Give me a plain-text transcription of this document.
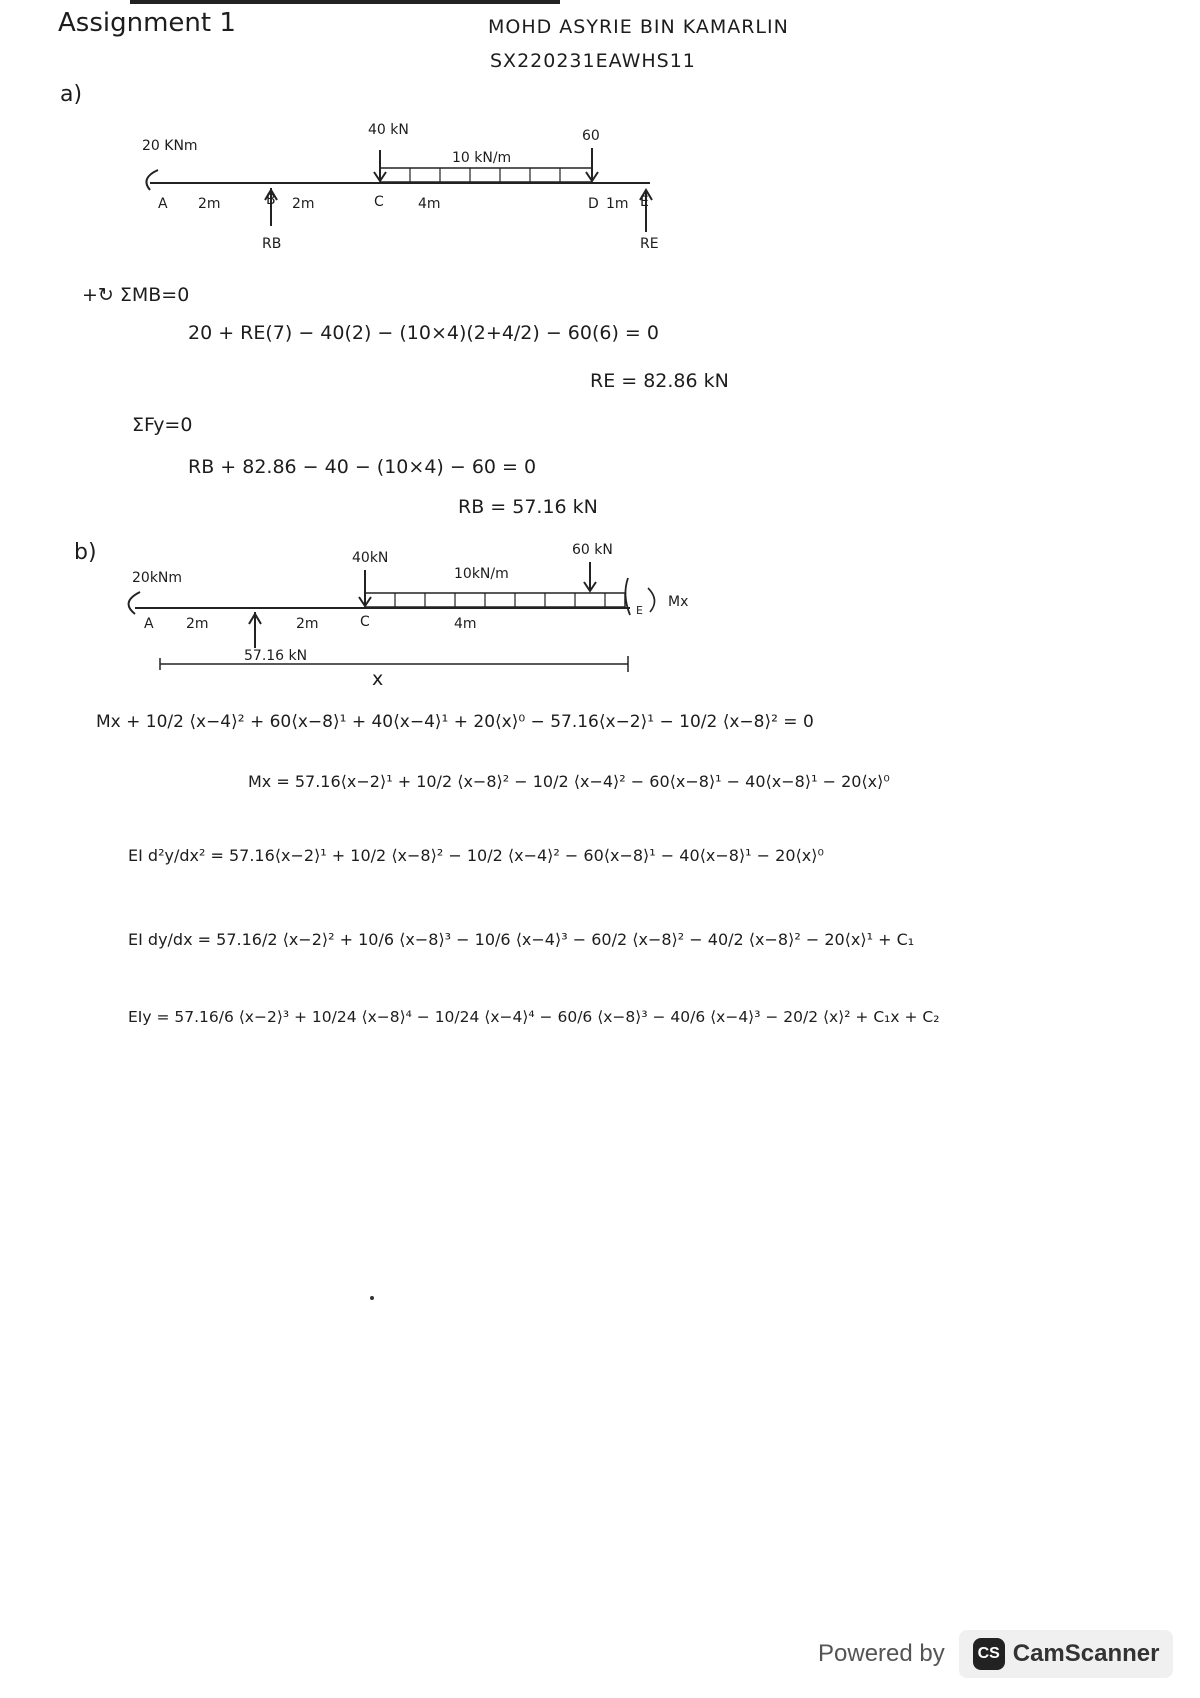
Assignment 1	MOHD ASYRIE BIN KAMARLIN
SX220231EAWHS11
a)
20 KNm
40 kN
10 kN/m
60
A 2m	B 2m	C 4m	D 1m E
RB	RE
+↻ ΣMB=0
20 + RE(7) − 40(2) − (10×4)(2+4/2) − 60(6) = 0
RE = 82.86 kN
ΣFy=0
RB + 82.86 − 40 − (10×4) − 60 = 0
RB = 57.16 kN
b)
20kNm
40kN
10kN/m
60 kN
Mx
A 2m	2m	C	4m
E
57.16 kN
x
Mx + 10/2 ⟨x−4⟩² + 60⟨x−8⟩¹ + 40⟨x−4⟩¹ + 20⟨x⟩⁰ − 57.16⟨x−2⟩¹ − 10/2 ⟨x−8⟩² = 0
Mx = 57.16⟨x−2⟩¹ + 10/2 ⟨x−8⟩² − 10/2 ⟨x−4⟩² − 60⟨x−8⟩¹ − 40⟨x−8⟩¹ − 20⟨x⟩⁰
EI d²y/dx² = 57.16⟨x−2⟩¹ + 10/2 ⟨x−8⟩² − 10/2 ⟨x−4⟩² − 60⟨x−8⟩¹ − 40⟨x−8⟩¹ − 20⟨x⟩⁰
EI dy/dx = 57.16/2 ⟨x−2⟩² + 10/6 ⟨x−8⟩³ − 10/6 ⟨x−4⟩³ − 60/2 ⟨x−8⟩² − 40/2 ⟨x−8⟩² − 20⟨x⟩¹ + C₁
EIy = 57.16/6 ⟨x−2⟩³ + 10/24 ⟨x−8⟩⁴ − 10/24 ⟨x−4⟩⁴ − 60/6 ⟨x−8⟩³ − 40/6 ⟨x−4⟩³ − 20/2 ⟨x⟩² + C₁x + C₂
Powered by	CS CamScanner
